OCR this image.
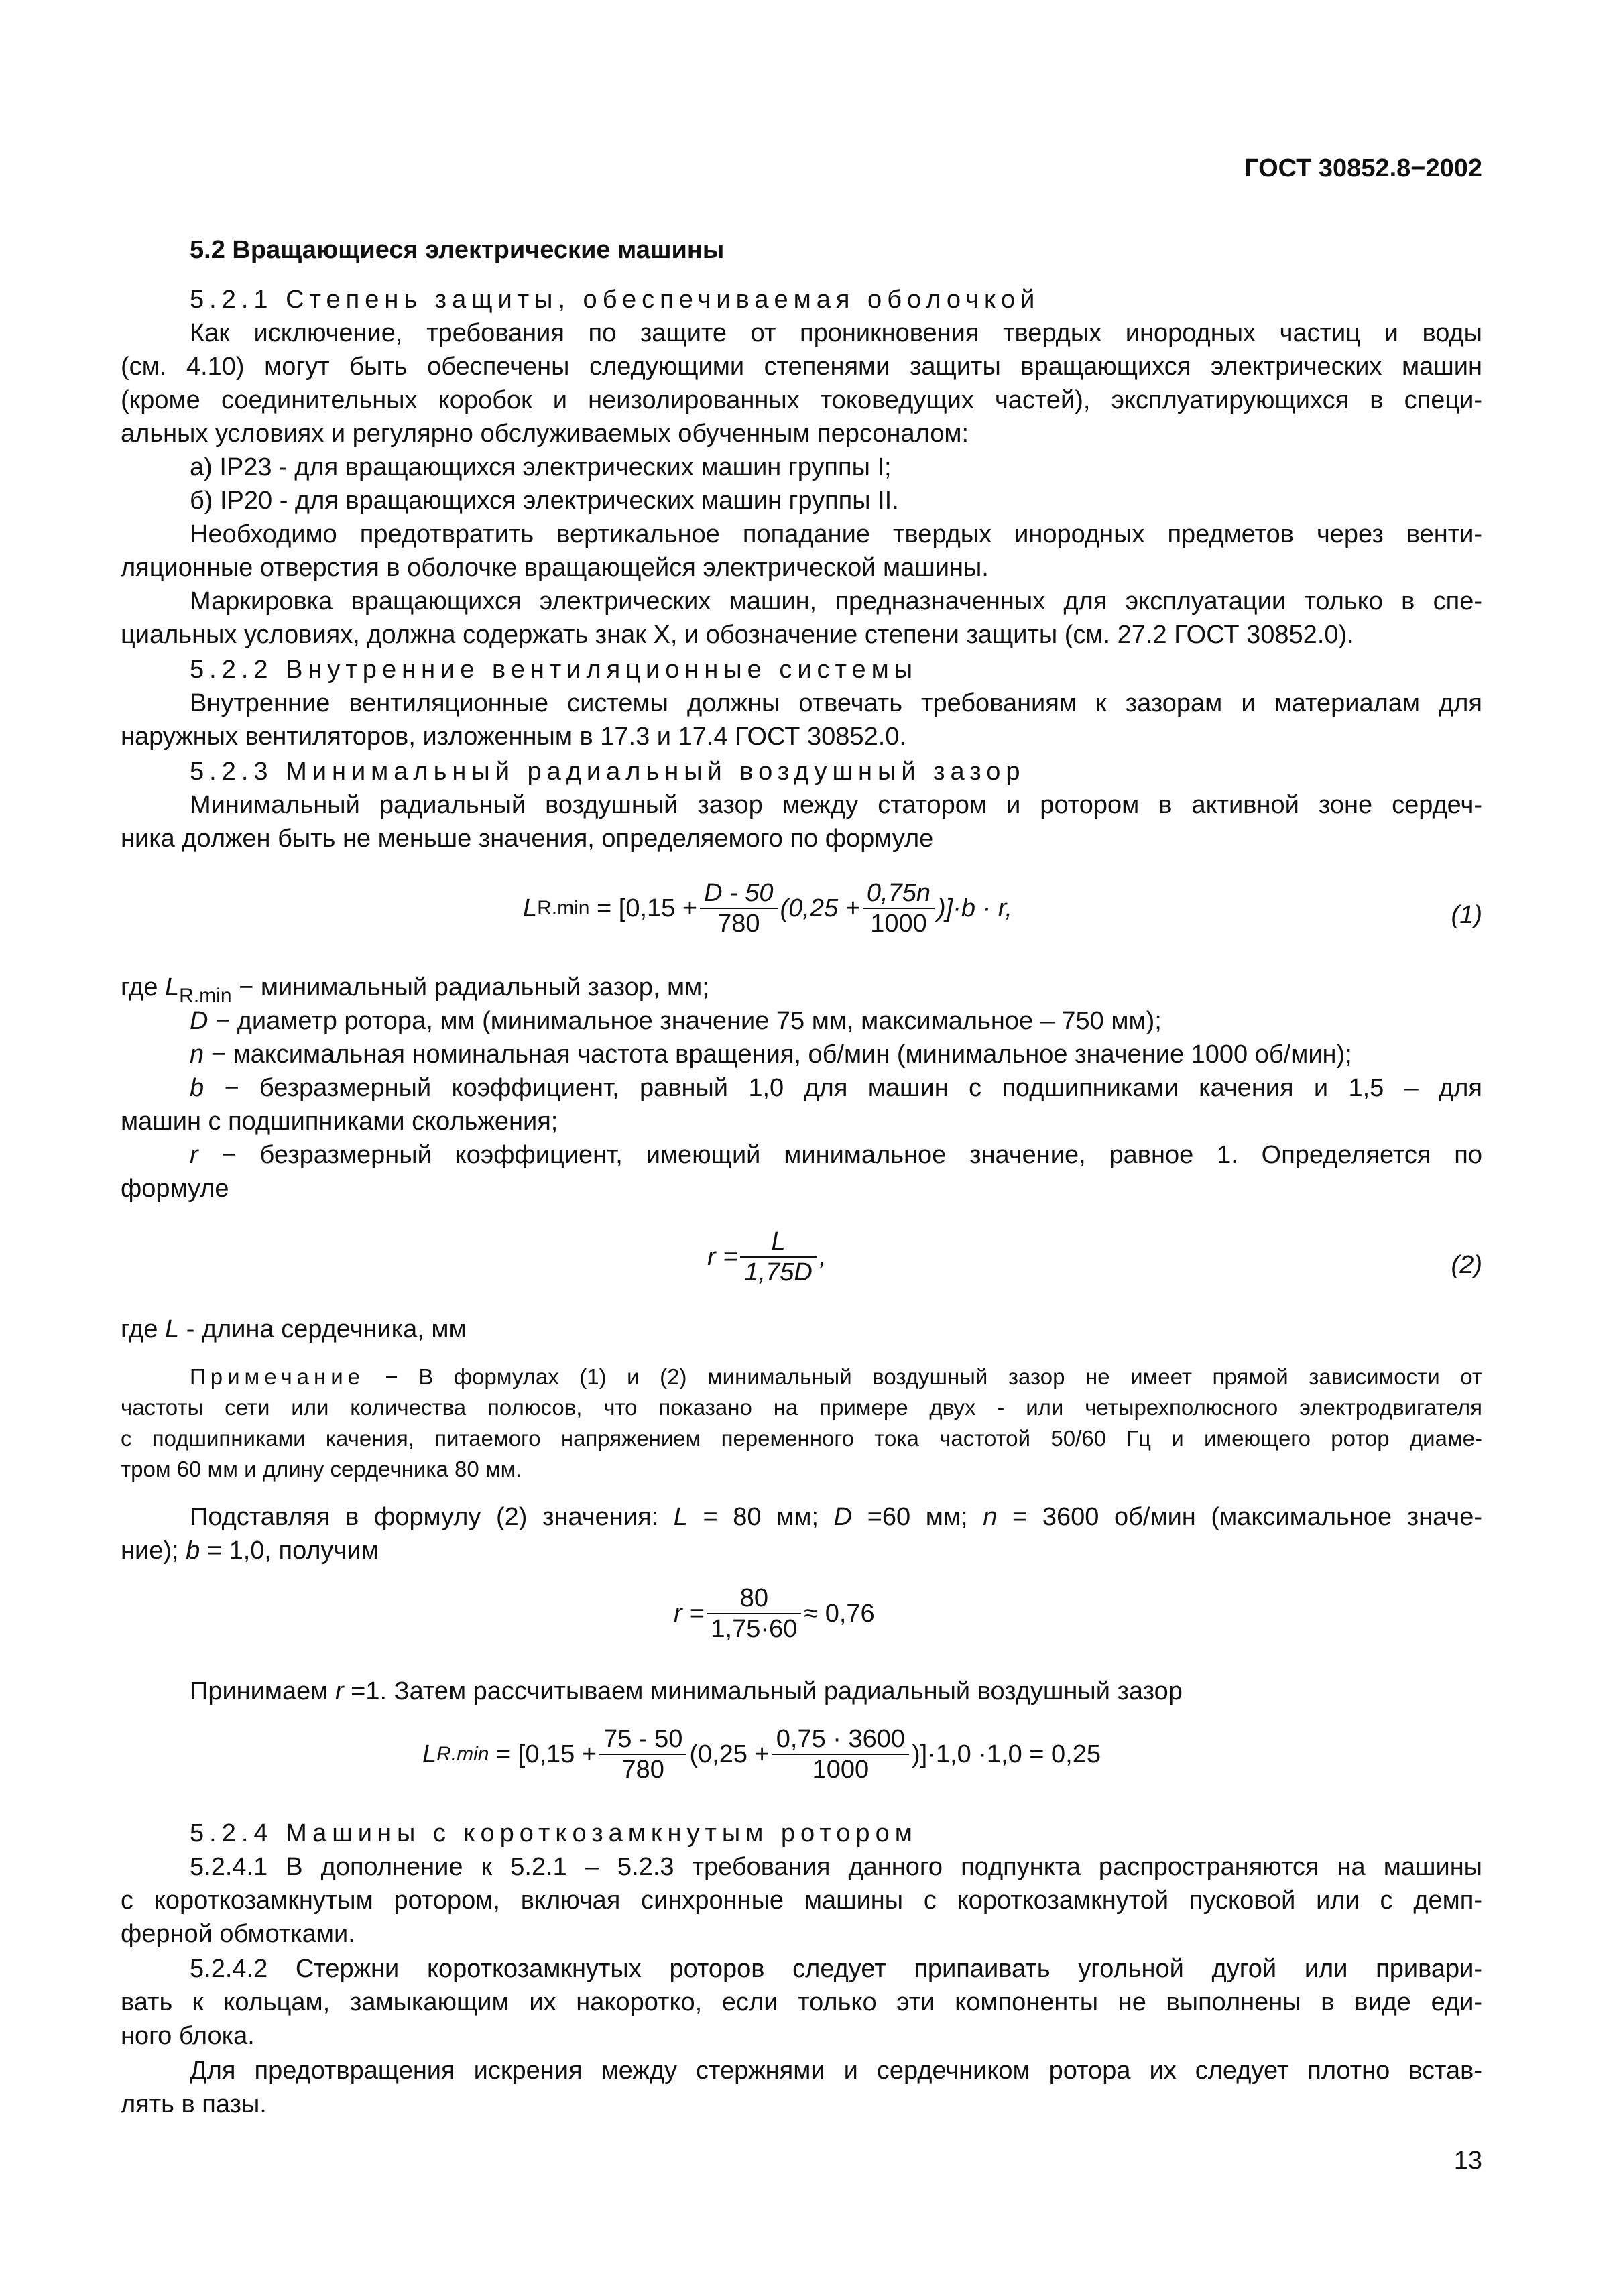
ГОСТ 30852.8−2002
5.2 Вращающиеся электрические машины
5.2.1 Степень защиты, обеспечиваемая оболочкой
Как исключение, требования по защите от проникновения твердых инородных частиц и воды
(см. 4.10) могут быть обеспечены следующими степенями защиты вращающихся электрических машин
(кроме соединительных коробок и неизолированных токоведущих частей), эксплуатирующихся в специ-
альных условиях и регулярно обслуживаемых обученным персоналом:
а) IP23 - для вращающихся электрических машин группы I;
б) IP20 - для вращающихся электрических машин группы II.
Необходимо предотвратить вертикальное попадание твердых инородных предметов через венти-
ляционные отверстия в оболочке вращающейся электрической машины.
Маркировка вращающихся электрических машин, предназначенных для эксплуатации только в спе-
циальных условиях, должна содержать знак Х, и обозначение степени защиты (см. 27.2 ГОСТ 30852.0).
5.2.2 Внутренние вентиляционные системы
Внутренние вентиляционные системы должны отвечать требованиям к зазорам и материалам для
наружных вентиляторов, изложенным в 17.3 и 17.4 ГОСТ 30852.0.
5.2.3 Минимальный радиальный воздушный зазор
Минимальный радиальный воздушный зазор между статором и ротором в активной зоне сердеч-
ника должен быть не меньше значения, определяемого по формуле
L $R.\min = [0,15 + \frac{D - 50}{780} (0,25 + \frac{0,75n}{1000} )]\cdot b \cdot r$,	(1)
где $L_{R.min}$ − минимальный радиальный зазор, мм;
D − диаметр ротора, мм (минимальное значение 75 мм, максимальное – 750 мм);
n − максимальная номинальная частота вращения, об/мин (минимальное значение 1000 об/мин);
b − безразмерный коэффициент, равный 1,0 для машин с подшипниками качения и 1,5 – для
машин с подшипниками скольжения;
r − безразмерный коэффициент, имеющий минимальное значение, равное 1. Определяется по
формуле
$r = \frac{L}{1,75D}$ ,	(2)
где L - длина сердечника, мм
Примечание − В формулах (1) и (2) минимальный воздушный зазор не имеет прямой зависимости от
частоты сети или количества полюсов, что показано на примере двух - или четырехполюсного электродвигателя
с подшипниками качения, питаемого напряжением переменного тока частотой 50/60 Гц и имеющего ротор диаме-
тром 60 мм и длину сердечника 80 мм.
Подставляя в формулу (2) значения: L = 80 мм; D =60 мм; n = 3600 об/мин (максимальное значе-
ние); b = 1,0, получим
$r = \frac{80}{1,75\cdot 60} \approx 0,76$
Принимаем r =1. Затем рассчитываем минимальный радиальный воздушный зазор
L $R.\min = [0,15 + \frac{75 - 50}{780} (0,25 + \frac{0,75 \cdot 3600}{1000} )]\cdot 1,0 \cdot 1,0 = 0,25$
5.2.4 Машины с короткозамкнутым ротором
5.2.4.1 В дополнение к 5.2.1 – 5.2.3 требования данного подпункта распространяются на машины
с короткозамкнутым ротором, включая синхронные машины с короткозамкнутой пусковой или с демп-
ферной обмотками.
5.2.4.2 Стержни короткозамкнутых роторов следует припаивать угольной дугой или привари-
вать к кольцам, замыкающим их накоротко, если только эти компоненты не выполнены в виде еди-
ного блока.
Для предотвращения искрения между стержнями и сердечником ротора их следует плотно встав-
лять в пазы.
13
